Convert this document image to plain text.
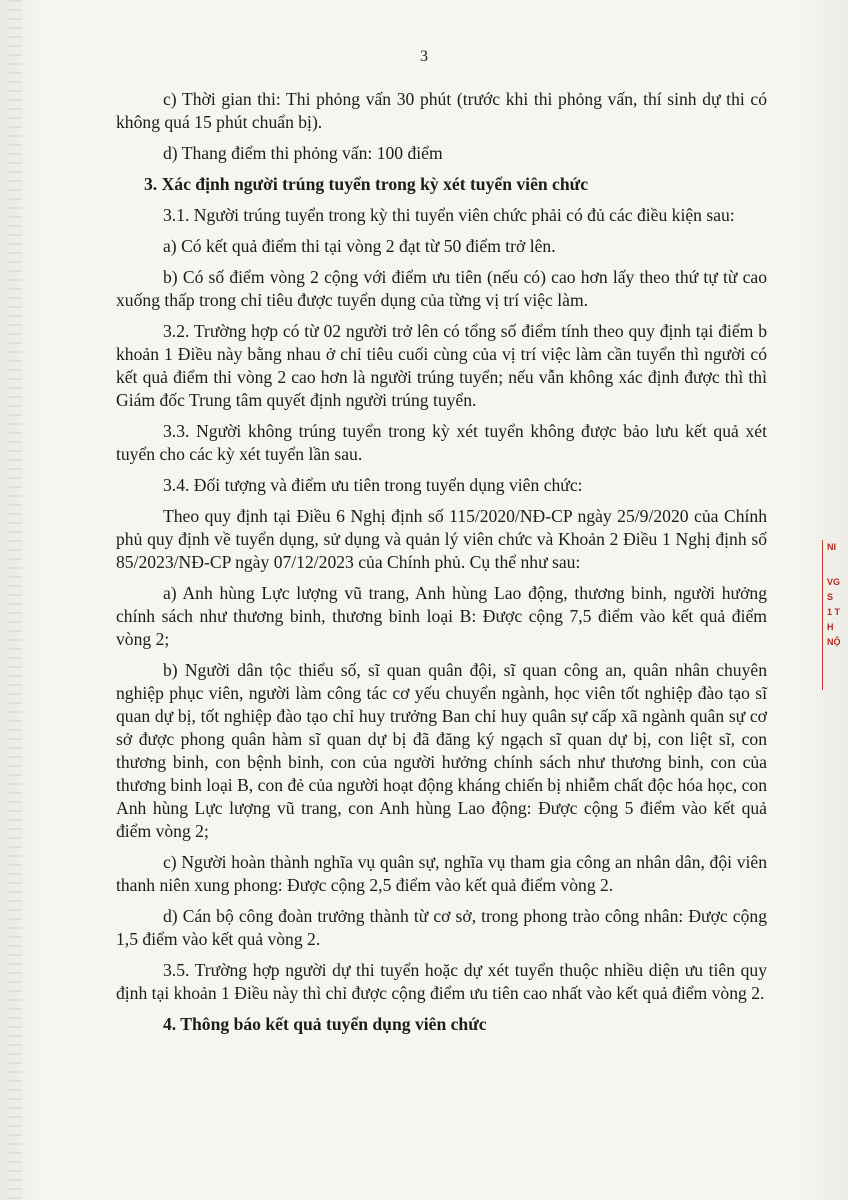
3

c) Thời gian thi: Thi phỏng vấn 30 phút (trước khi thi phỏng vấn, thí sinh dự thi có không quá 15 phút chuẩn bị).

d) Thang điểm thi phỏng vấn: 100 điểm

3. Xác định người trúng tuyển trong kỳ xét tuyển viên chức

3.1. Người trúng tuyển trong kỳ thi tuyển viên chức phải có đủ các điều kiện sau:

a) Có kết quả điểm thi tại vòng 2 đạt từ 50 điểm trở lên.

b) Có số điểm vòng 2 cộng với điểm ưu tiên (nếu có) cao hơn lấy theo thứ tự từ cao xuống thấp trong chỉ tiêu được tuyển dụng của từng vị trí việc làm.

3.2. Trường hợp có từ 02 người trở lên có tổng số điểm tính theo quy định tại điểm b khoản 1 Điều này bằng nhau ở chỉ tiêu cuối cùng của vị trí việc làm cần tuyển thì người có kết quả điểm thi vòng 2 cao hơn là người trúng tuyển; nếu vẫn không xác định được thì thì Giám đốc Trung tâm quyết định người trúng tuyển.

3.3. Người không trúng tuyển trong kỳ xét tuyển không được bảo lưu kết quả xét tuyển cho các kỳ xét tuyển lần sau.

3.4. Đối tượng và điểm ưu tiên trong tuyển dụng viên chức:

Theo quy định tại Điều 6 Nghị định số 115/2020/NĐ-CP ngày 25/9/2020 của Chính phủ quy định về tuyển dụng, sử dụng và quản lý viên chức và Khoản 2 Điều 1 Nghị định số 85/2023/NĐ-CP ngày 07/12/2023 của Chính phủ. Cụ thể như sau:

a) Anh hùng Lực lượng vũ trang, Anh hùng Lao động, thương binh, người hưởng chính sách như thương binh, thương binh loại B: Được cộng 7,5 điểm vào kết quả điểm vòng 2;

b) Người dân tộc thiểu số, sĩ quan quân đội, sĩ quan công an, quân nhân chuyên nghiệp phục viên, người làm công tác cơ yếu chuyển ngành, học viên tốt nghiệp đào tạo sĩ quan dự bị, tốt nghiệp đào tạo chỉ huy trưởng Ban chỉ huy quân sự cấp xã ngành quân sự cơ sở được phong quân hàm sĩ quan dự bị đã đăng ký ngạch sĩ quan dự bị, con liệt sĩ, con thương binh, con bệnh binh, con của người hưởng chính sách như thương binh, con của thương binh loại B, con đẻ của người hoạt động kháng chiến bị nhiễm chất độc hóa học, con Anh hùng Lực lượng vũ trang, con Anh hùng Lao động: Được cộng 5 điểm vào kết quả điểm vòng 2;

c) Người hoàn thành nghĩa vụ quân sự, nghĩa vụ tham gia công an nhân dân, đội viên thanh niên xung phong: Được cộng 2,5 điểm vào kết quả điểm vòng 2.

d) Cán bộ công đoàn trưởng thành từ cơ sở, trong phong trào công nhân: Được cộng 1,5 điểm vào kết quả vòng 2.

3.5. Trường hợp người dự thi tuyển hoặc dự xét tuyển thuộc nhiều diện ưu tiên quy định tại khoản 1 Điều này thì chỉ được cộng điểm ưu tiên cao nhất vào kết quả điểm vòng 2.

4. Thông báo kết quả tuyển dụng viên chức

NI
VG
S
1 T
H
NỘ
